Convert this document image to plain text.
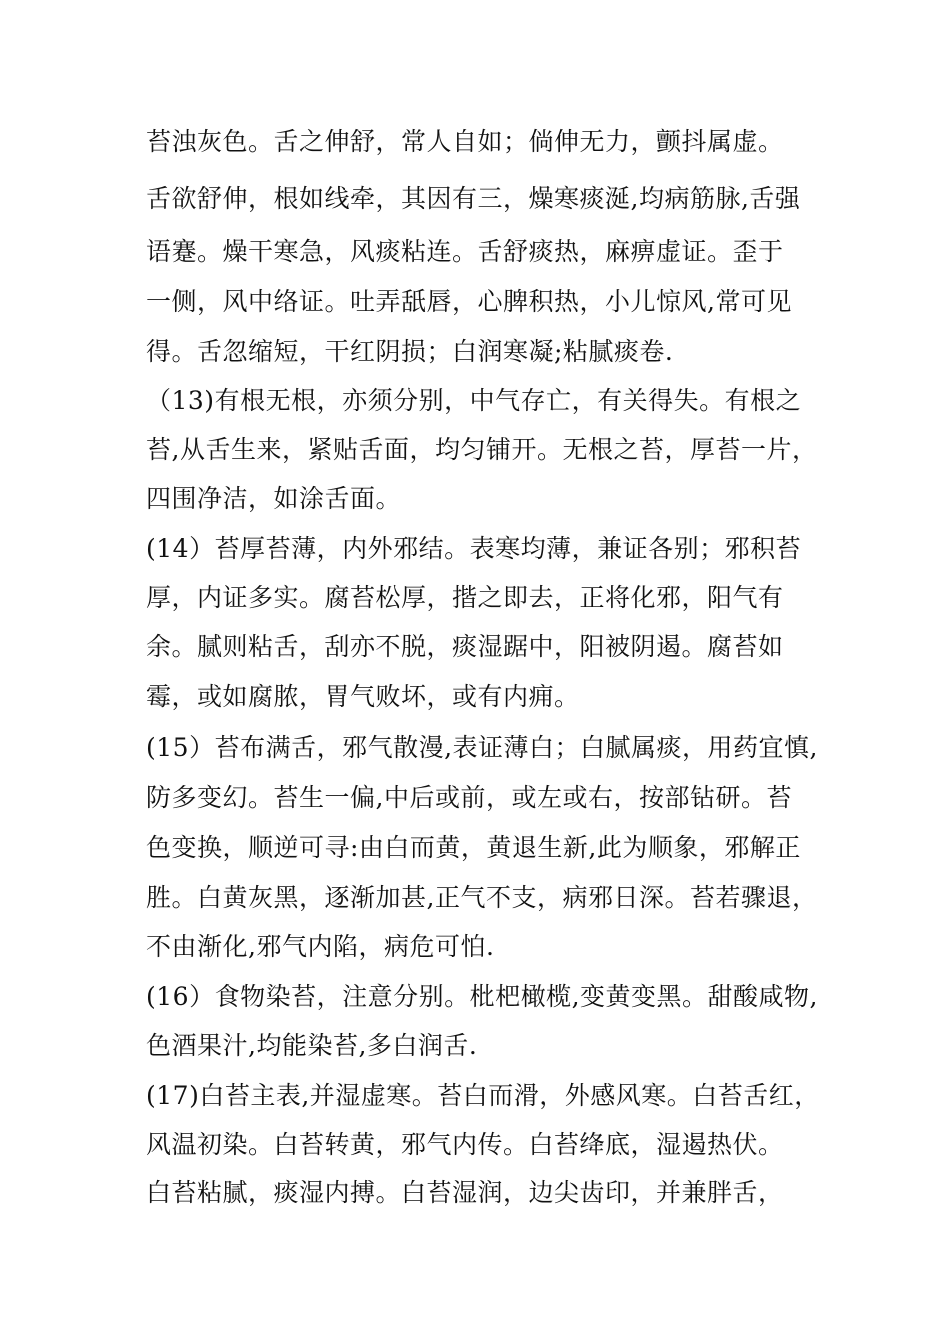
苔浊灰色。舌之伸舒，常人自如；倘伸无力，颤抖属虚。
舌欲舒伸，根如线牵，其因有三，燥寒痰涎,均病筋脉,舌强
语蹇。燥干寒急，风痰粘连。舌舒痰热，麻痹虚证。歪于
一侧，风中络证。吐弄舐唇，心脾积热，小儿惊风,常可见
得。舌忽缩短，干红阴损；白润寒凝;粘腻痰卷.
（13)有根无根，亦须分别，中气存亡，有关得失。有根之
苔,从舌生来，紧贴舌面，均匀铺开。无根之苔，厚苔一片，
四围净洁，如涂舌面。
(14）苔厚苔薄，内外邪结。表寒均薄，兼证各别；邪积苔
厚，内证多实。腐苔松厚，揩之即去，正将化邪，阳气有
余。腻则粘舌，刮亦不脱，痰湿踞中，阳被阴遏。腐苔如
霉，或如腐脓，胃气败坏，或有内痈。
(15）苔布满舌，邪气散漫,表证薄白；白腻属痰，用药宜慎,
防多变幻。苔生一偏,中后或前，或左或右，按部钻研。苔
色变换，顺逆可寻:由白而黄，黄退生新,此为顺象，邪解正
胜。白黄灰黑，逐渐加甚,正气不支，病邪日深。苔若骤退，
不由渐化,邪气内陷，病危可怕.
(16）食物染苔，注意分别。枇杷橄榄,变黄变黑。甜酸咸物,
色酒果汁,均能染苔,多白润舌.
(17)白苔主表,并湿虚寒。苔白而滑，外感风寒。白苔舌红，
风温初染。白苔转黄，邪气内传。白苔绛底，湿遏热伏。
白苔粘腻，痰湿内搏。白苔湿润，边尖齿印，并兼胖舌，
